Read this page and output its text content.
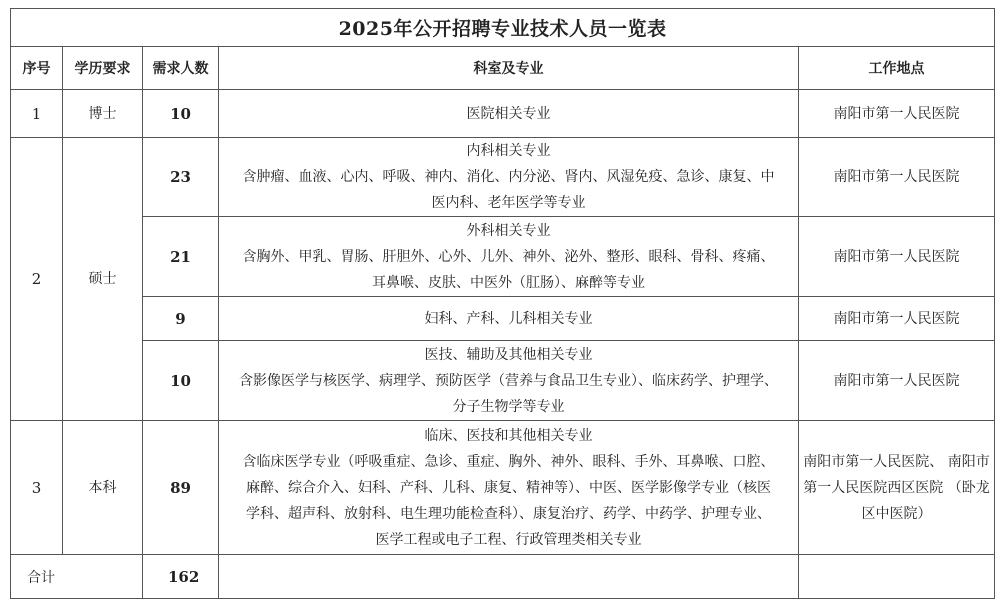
2025年公开招聘专业技术人员一览表				
序号	学历要求	需求人数	科室及专业	工作地点
1	博士	10	医院相关专业	南阳市第一人民医院
2	硕士	23	内科相关专业
含肿瘤、血液、心内、呼吸、神内、消化、内分泌、肾内、风湿免疫、急诊、康复、中
医内科、老年医学等专业	南阳市第一人民医院
		21	外科相关专业
含胸外、甲乳、胃肠、肝胆外、心外、儿外、神外、泌外、整形、眼科、骨科、疼痛、
耳鼻喉、皮肤、中医外（肛肠）、麻醉等专业	南阳市第一人民医院
		9	妇科、产科、儿科相关专业	南阳市第一人民医院
		10	医技、辅助及其他相关专业
含影像医学与核医学、病理学、预防医学（营养与食品卫生专业）、临床药学、护理学、
分子生物学等专业	南阳市第一人民医院
3	本科	89	临床、医技和其他相关专业
含临床医学专业（呼吸重症、急诊、重症、胸外、神外、眼科、手外、耳鼻喉、口腔、
麻醉、综合介入、妇科、产科、儿科、康复、精神等）、中医、医学影像学专业（核医
学科、超声科、放射科、电生理功能检查科）、康复治疗、药学、中药学、护理专业、
医学工程或电子工程、行政管理类相关专业	南阳市第一人民医院、 南阳市第一人民医院西区医院 （卧龙区中医院）
合计		162		
